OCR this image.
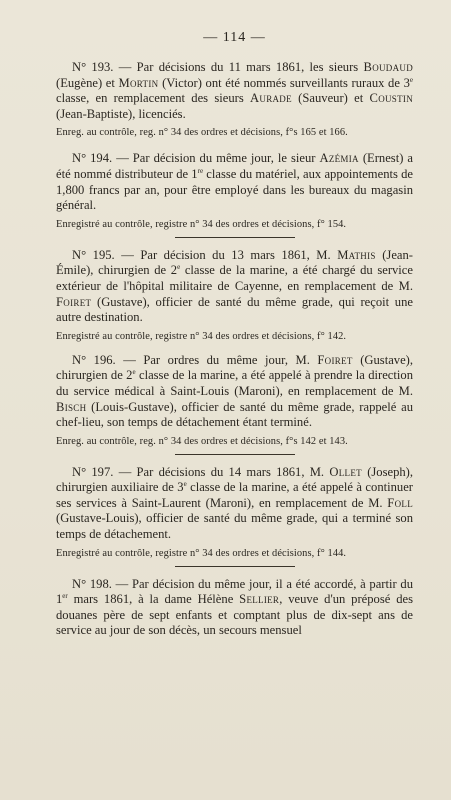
— 114 —

N° 193. — Par décisions du 11 mars 1861, les sieurs Boudaud (Eugène) et Mortin (Victor) ont été nommés surveillants ruraux de 3e classe, en remplacement des sieurs Aurade (Sauveur) et Coustin (Jean-Baptiste), licenciés.

Enreg. au contrôle, reg. n° 34 des ordres et décisions, f°s 165 et 166.

N° 194. — Par décision du même jour, le sieur Azémia (Ernest) a été nommé distributeur de 1re classe du matériel, aux appointements de 1,800 francs par an, pour être employé dans les bureaux du magasin général.

Enregistré au contrôle, registre n° 34 des ordres et décisions, f° 154.

N° 195. — Par décision du 13 mars 1861, M. Mathis (Jean-Émile), chirurgien de 2e classe de la marine, a été chargé du service extérieur de l'hôpital militaire de Cayenne, en remplacement de M. Foiret (Gustave), officier de santé du même grade, qui reçoit une autre destination.

Enregistré au contrôle, registre n° 34 des ordres et décisions, f° 142.

N° 196. — Par ordres du même jour, M. Foiret (Gustave), chirurgien de 2e classe de la marine, a été appelé à prendre la direction du service médical à Saint-Louis (Maroni), en remplacement de M. Bisch (Louis-Gustave), officier de santé du même grade, rappelé au chef-lieu, son temps de détachement étant terminé.

Enreg. au contrôle, reg. n° 34 des ordres et décisions, f°s 142 et 143.

N° 197. — Par décisions du 14 mars 1861, M. Ollet (Joseph), chirurgien auxiliaire de 3e classe de la marine, a été appelé à continuer ses services à Saint-Laurent (Maroni), en remplacement de M. Foll (Gustave-Louis), officier de santé du même grade, qui a terminé son temps de détachement.

Enregistré au contrôle, registre n° 34 des ordres et décisions, f° 144.

N° 198. — Par décision du même jour, il a été accordé, à partir du 1er mars 1861, à la dame Hélène Sellier, veuve d'un préposé des douanes père de sept enfants et comptant plus de dix-sept ans de service au jour de son décès, un secours mensuel
